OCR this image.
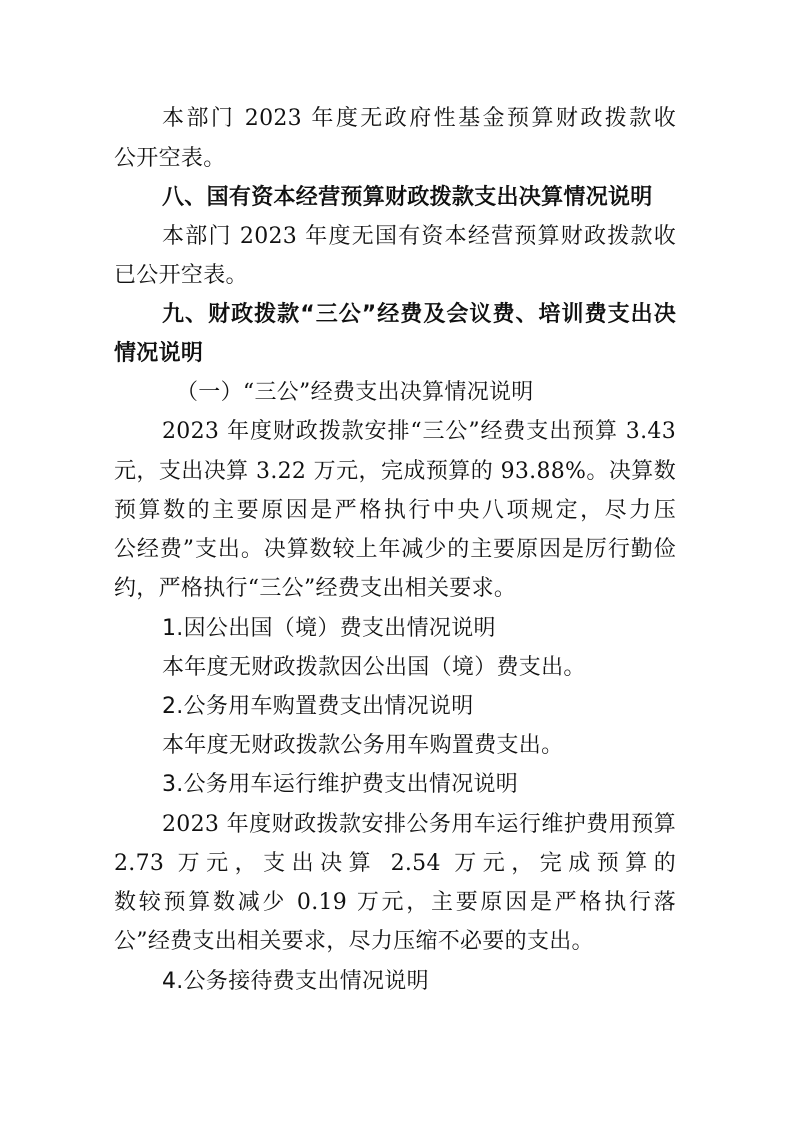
本部门 2023 年度无政府性基金预算财政拨款收

公开空表。

八、国有资本经营预算财政拨款支出决算情况说明

本部门 2023 年度无国有资本经营预算财政拨款收

已公开空表。

九、财政拨款“三公”经费及会议费、培训费支出决

情况说明

（一）“三公”经费支出决算情况说明

2023 年度财政拨款安排“三公”经费支出预算 3.43

元，支出决算 3.22 万元，完成预算的 93.88%。决算数

预算数的主要原因是严格执行中央八项规定，尽力压

公经费”支出。决算数较上年减少的主要原因是厉行勤俭

约，严格执行“三公”经费支出相关要求。

1.因公出国（境）费支出情况说明

本年度无财政拨款因公出国（境）费支出。

2.公务用车购置费支出情况说明

本年度无财政拨款公务用车购置费支出。

3.公务用车运行维护费支出情况说明

2023 年度财政拨款安排公务用车运行维护费用预算

2.73 万元，支出决算 2.54 万元，完成预算的

数较预算数减少 0.19 万元，主要原因是严格执行落

公”经费支出相关要求，尽力压缩不必要的支出。

4.公务接待费支出情况说明
